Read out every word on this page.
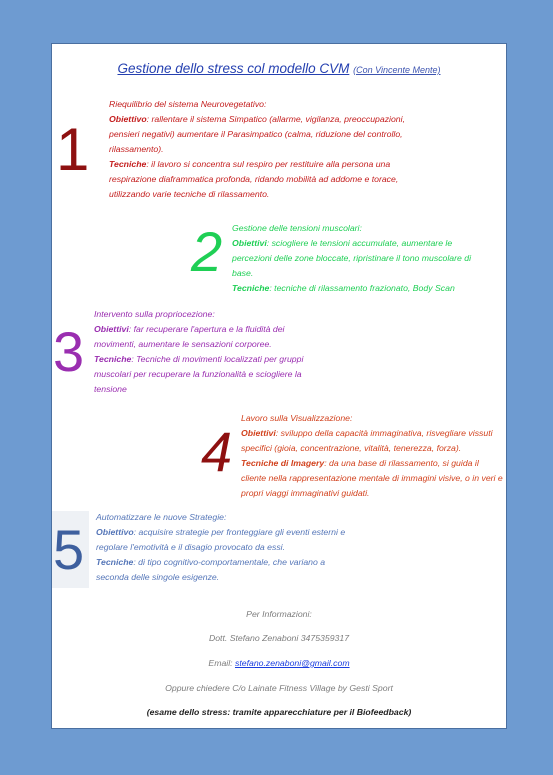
Gestione dello stress col modello CVM (Con Vincente Mente)
1

Riequilibrio del sistema Neurovegetativo:

Obiettivo: rallentare il sistema Simpatico (allarme, vigilanza, preoccupazioni, pensieri negativi) aumentare il Parasimpatico (calma, riduzione del controllo, rilassamento).

Tecniche: il lavoro si concentra sul respiro per restituire alla persona una respirazione diaframmatica profonda, ridando mobilità ad addome e torace, utilizzando varie tecniche di rilassamento.

2 Gestione delle tensioni muscolari:

Obiettivi: sciogliere le tensioni accumulate, aumentare le percezioni delle zone bloccate, ripristinare il tono muscolare di base.

Tecniche: tecniche di rilassamento frazionato, Body Scan

3

Intervento sulla propriocezione:

Obiettivi: far recuperare l'apertura e la fluidità dei movimenti, aumentare le sensazioni corporee.

Tecniche: Tecniche di movimenti localizzati per gruppi muscolari per recuperare la funzionalità e sciogliere la tensione

4

Lavoro sulla Visualizzazione:

Obiettivi: sviluppo della capacità immaginativa, risvegliare vissuti specifici (gioia, concentrazione, vitalità, tenerezza, forza).

Tecniche di Imagery: da una base di rilassamento, si guida il cliente nella rappresentazione mentale di immagini visive, o in veri e propri viaggi immaginativi guidati.

5

Automatizzare le nuove Strategie:

Obiettivo: acquisire strategie per fronteggiare gli eventi esterni e regolare l'emotività e il disagio provocato da essi.

Tecniche: di tipo cognitivo-comportamentale, che variano a seconda delle singole esigenze.

Per Informazioni:
Dott. Stefano Zenaboni 3475359317
Email: stefano.zenaboni@gmail.com
Oppure chiedere C/o Lainate Fitness Village by Gesti Sport
(esame dello stress: tramite apparecchiature per il Biofeedback)
